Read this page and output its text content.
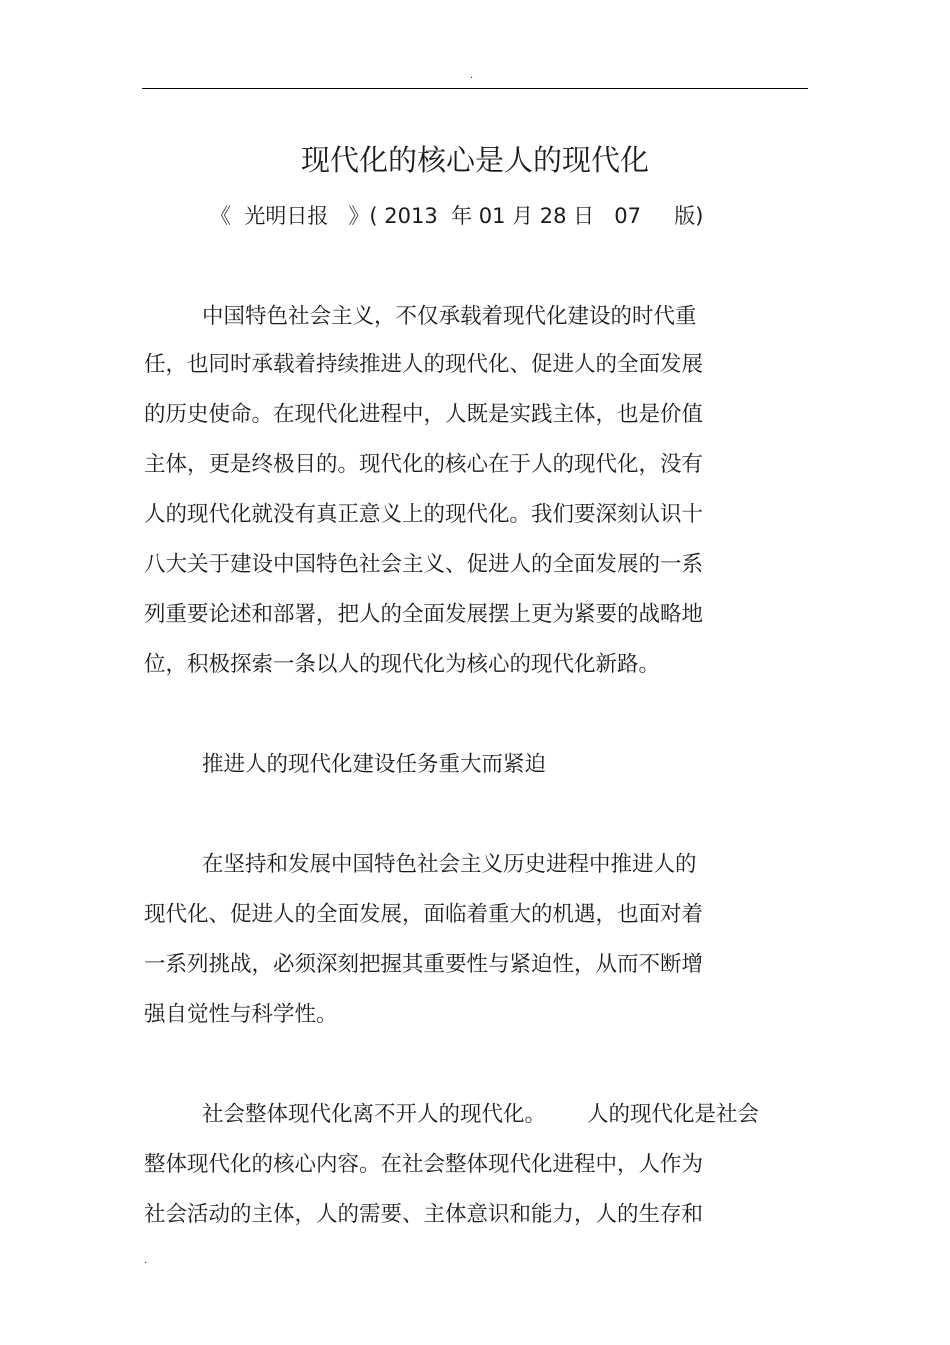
.
现代化的核心是人的现代化
《  光明日报   》( 2013  年 01 月 28 日   07     版)
中国特色社会主义，不仅承载着现代化建设的时代重
任，也同时承载着持续推进人的现代化、促进人的全面发展
的历史使命。在现代化进程中，人既是实践主体，也是价值
主体，更是终极目的。现代化的核心在于人的现代化，没有
人的现代化就没有真正意义上的现代化。我们要深刻认识十
八大关于建设中国特色社会主义、促进人的全面发展的一系
列重要论述和部署，把人的全面发展摆上更为紧要的战略地
位，积极探索一条以人的现代化为核心的现代化新路。
推进人的现代化建设任务重大而紧迫
在坚持和发展中国特色社会主义历史进程中推进人的
现代化、促进人的全面发展，面临着重大的机遇，也面对着
一系列挑战，必须深刻把握其重要性与紧迫性，从而不断增
强自觉性与科学性。
社会整体现代化离不开人的现代化。      人的现代化是社会
整体现代化的核心内容。在社会整体现代化进程中，人作为
社会活动的主体，人的需要、主体意识和能力，人的生存和
.
